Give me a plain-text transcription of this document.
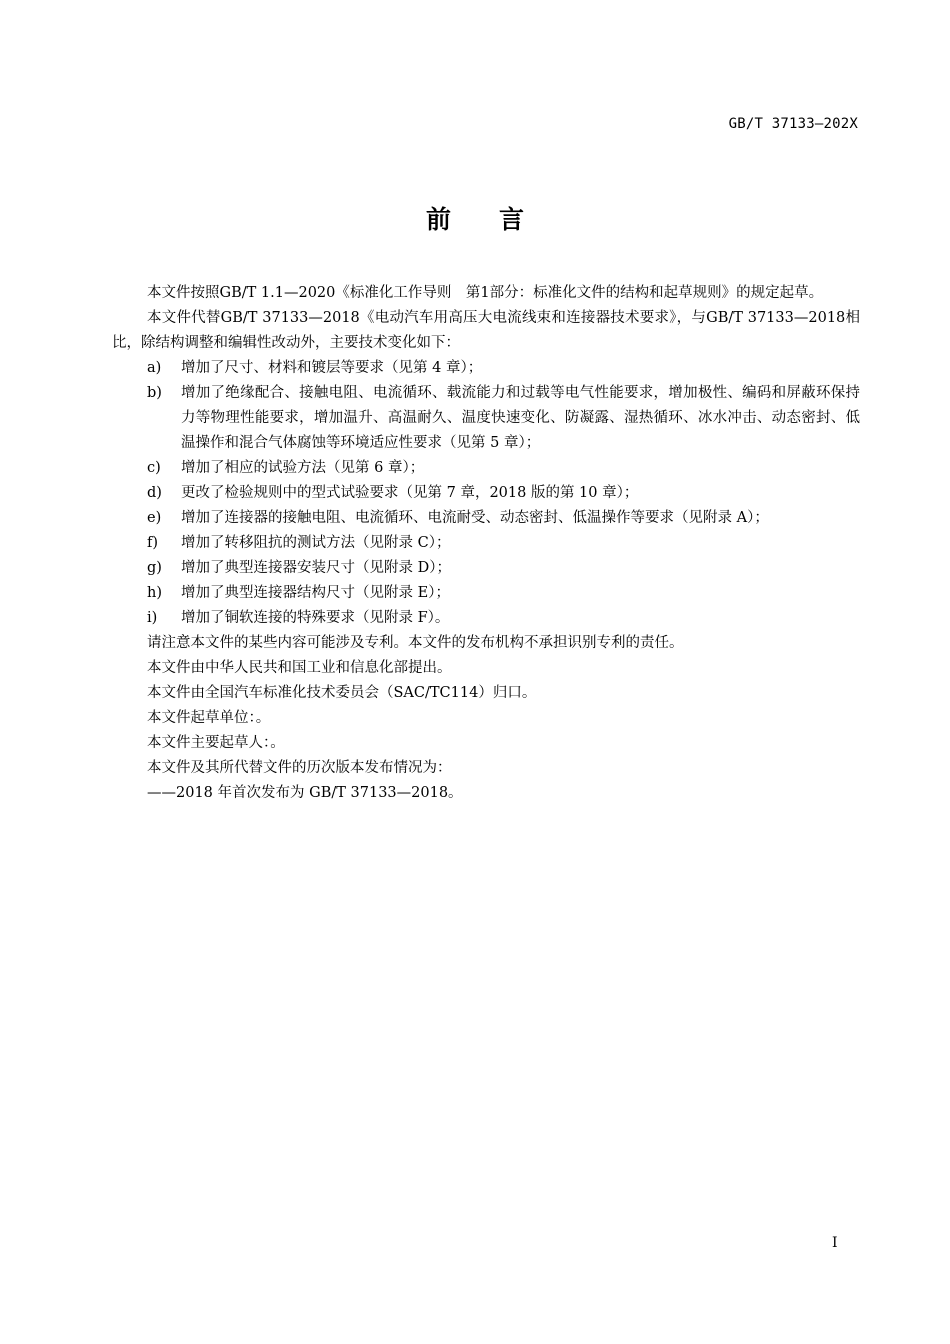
GB/T 37133—202X
前 言

本文件按照GB/T 1.1—2020《标准化工作导则　第1部分：标准化文件的结构和起草规则》的规定起草。

本文件代替GB/T 37133—2018《电动汽车用高压大电流线束和连接器技术要求》，与GB/T 37133—2018相比，除结构调整和编辑性改动外，主要技术变化如下：

a) 增加了尺寸、材料和镀层等要求（见第 4 章）；
b) 增加了绝缘配合、接触电阻、电流循环、载流能力和过载等电气性能要求，增加极性、编码和屏蔽环保持力等物理性能要求，增加温升、高温耐久、温度快速变化、防凝露、湿热循环、冰水冲击、动态密封、低温操作和混合气体腐蚀等环境适应性要求（见第 5 章）；
c) 增加了相应的试验方法（见第 6 章）；
d) 更改了检验规则中的型式试验要求（见第 7 章，2018 版的第 10 章）；
e) 增加了连接器的接触电阻、电流循环、电流耐受、动态密封、低温操作等要求（见附录 A）；
f) 增加了转移阻抗的测试方法（见附录 C）；
g) 增加了典型连接器安装尺寸（见附录 D）；
h) 增加了典型连接器结构尺寸（见附录 E）；
i) 增加了铜软连接的特殊要求（见附录 F）。

请注意本文件的某些内容可能涉及专利。本文件的发布机构不承担识别专利的责任。

本文件由中华人民共和国工业和信息化部提出。

本文件由全国汽车标准化技术委员会（SAC/TC114）归口。

本文件起草单位：。

本文件主要起草人：。

本文件及其所代替文件的历次版本发布情况为：

——2018 年首次发布为 GB/T 37133—2018。

I
